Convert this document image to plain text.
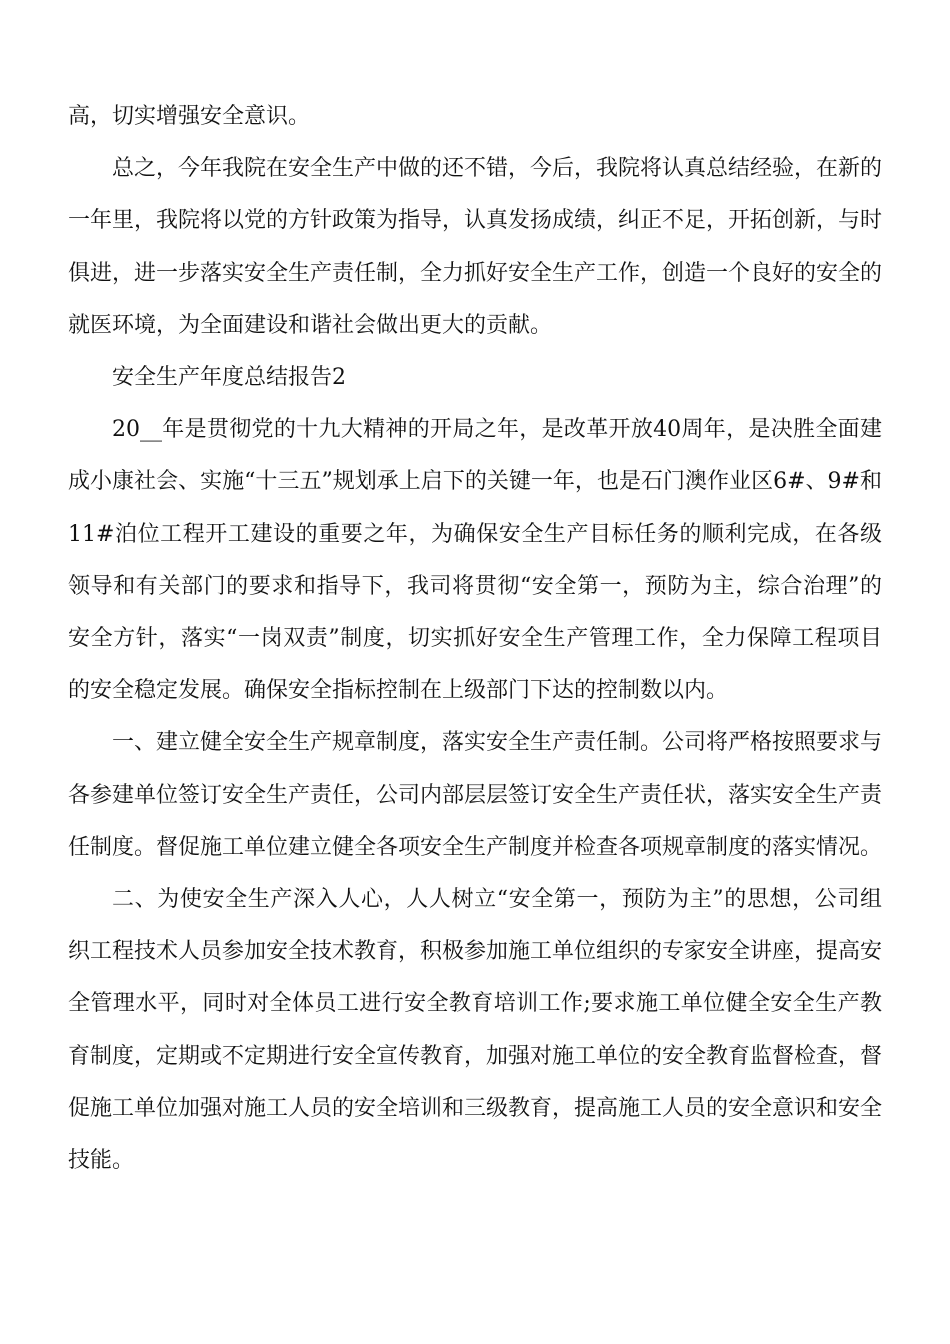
高，切实增强安全意识。

总之，今年我院在安全生产中做的还不错，今后，我院将认真总结经验，在新的一年里，我院将以党的方针政策为指导，认真发扬成绩，纠正不足，开拓创新，与时俱进，进一步落实安全生产责任制，全力抓好安全生产工作，创造一个良好的安全的就医环境，为全面建设和谐社会做出更大的贡献。

安全生产年度总结报告2

20__年是贯彻党的十九大精神的开局之年，是改革开放40周年，是决胜全面建成小康社会、实施“十三五”规划承上启下的关键一年，也是石门澳作业区6#、9#和11#泊位工程开工建设的重要之年，为确保安全生产目标任务的顺利完成，在各级领导和有关部门的要求和指导下，我司将贯彻“安全第一，预防为主，综合治理”的安全方针，落实“一岗双责”制度，切实抓好安全生产管理工作，全力保障工程项目的安全稳定发展。确保安全指标控制在上级部门下达的控制数以内。

一、建立健全安全生产规章制度，落实安全生产责任制。公司将严格按照要求与各参建单位签订安全生产责任，公司内部层层签订安全生产责任状，落实安全生产责任制度。督促施工单位建立健全各项安全生产制度并检查各项规章制度的落实情况。

二、为使安全生产深入人心，人人树立“安全第一，预防为主”的思想，公司组织工程技术人员参加安全技术教育，积极参加施工单位组织的专家安全讲座，提高安全管理水平，同时对全体员工进行安全教育培训工作;要求施工单位健全安全生产教育制度，定期或不定期进行安全宣传教育，加强对施工单位的安全教育监督检查，督促施工单位加强对施工人员的安全培训和三级教育，提高施工人员的安全意识和安全技能。
